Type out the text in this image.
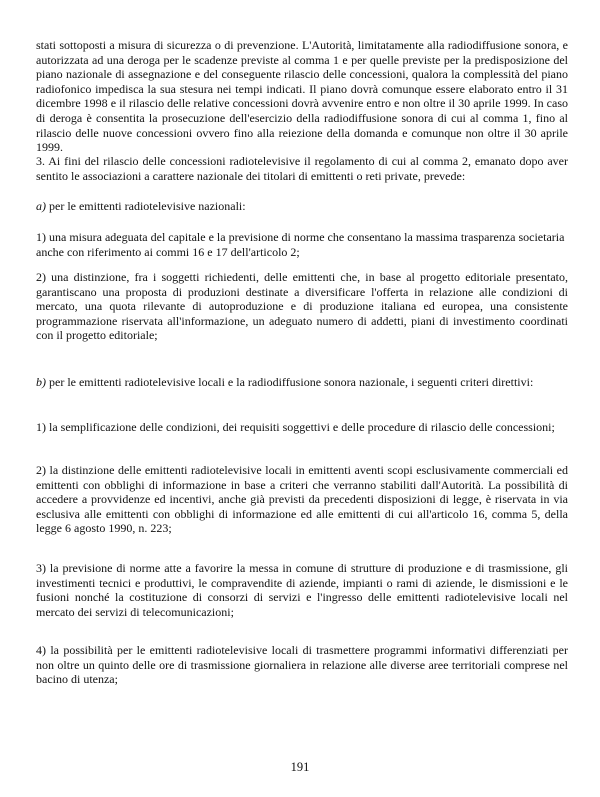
stati sottoposti a misura di sicurezza o di prevenzione. L'Autorità, limitatamente alla radiodiffusione sonora, e autorizzata ad una deroga per le scadenze previste al comma 1 e per quelle previste per la predisposizione del piano nazionale di assegnazione e del conseguente rilascio delle concessioni, qualora la complessità del piano radiofonico impedisca la sua stesura nei tempi indicati. Il piano dovrà comunque essere elaborato entro il 31 dicembre 1998 e il rilascio delle relative concessioni dovrà avvenire entro e non oltre il 30 aprile 1999. In caso di deroga è consentita la prosecuzione dell'esercizio della radiodiffusione sonora di cui al comma 1, fino al rilascio delle nuove concessioni ovvero fino alla reiezione della domanda e comunque non oltre il 30 aprile 1999.

3. Ai fini del rilascio delle concessioni radiotelevisive il regolamento di cui al comma 2, emanato dopo aver sentito le associazioni a carattere nazionale dei titolari di emittenti o reti private, prevede:

a) per le emittenti radiotelevisive nazionali:

1) una misura adeguata del capitale e la previsione di norme che consentano la massima trasparenza societaria anche con riferimento ai commi 16 e 17 dell'articolo 2;

2) una distinzione, fra i soggetti richiedenti, delle emittenti che, in base al progetto editoriale presentato, garantiscano una proposta di produzioni destinate a diversificare l'offerta in relazione alle condizioni di mercato, una quota rilevante di autoproduzione e di produzione italiana ed europea, una consistente programmazione riservata all'informazione, un adeguato numero di addetti, piani di investimento coordinati con il progetto editoriale;

b) per le emittenti radiotelevisive locali e la radiodiffusione sonora nazionale, i seguenti criteri direttivi:

1) la semplificazione delle condizioni, dei requisiti soggettivi e delle procedure di rilascio delle concessioni;

2) la distinzione delle emittenti radiotelevisive locali in emittenti aventi scopi esclusivamente commerciali ed emittenti con obblighi di informazione in base a criteri che verranno stabiliti dall'Autorità. La possibilità di accedere a provvidenze ed incentivi, anche già previsti da precedenti disposizioni di legge, è riservata in via esclusiva alle emittenti con obblighi di informazione ed alle emittenti di cui all'articolo 16, comma 5, della legge 6 agosto 1990, n. 223;

3) la previsione di norme atte a favorire la messa in comune di strutture di produzione e di trasmissione, gli investimenti tecnici e produttivi, le compravendite di aziende, impianti o rami di aziende, le dismissioni e le fusioni nonché la costituzione di consorzi di servizi e l'ingresso delle emittenti radiotelevisive locali nel mercato dei servizi di telecomunicazioni;

4) la possibilità per le emittenti radiotelevisive locali di trasmettere programmi informativi differenziati per non oltre un quinto delle ore di trasmissione giornaliera in relazione alle diverse aree territoriali comprese nel bacino di utenza;

191
